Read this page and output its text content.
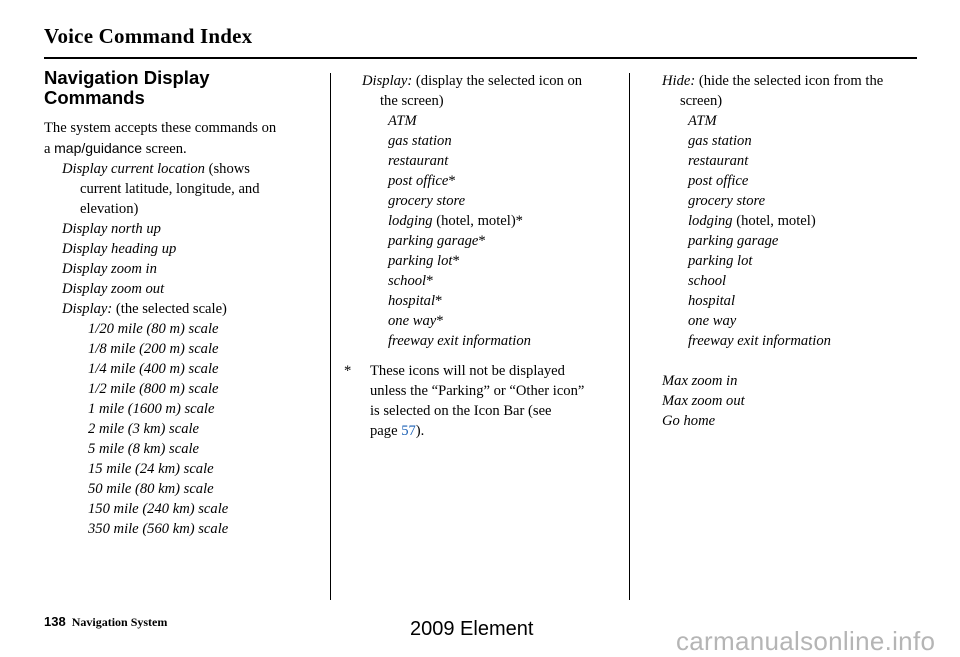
Voice Command Index
Navigation Display
Commands
The system accepts these commands on
a map/guidance screen.
Display current location (shows
current latitude, longitude, and
elevation)
Display north up
Display heading up
Display zoom in
Display zoom out
Display: (the selected scale)
1/20 mile (80 m) scale
1/8 mile (200 m) scale
1/4 mile (400 m) scale
1/2 mile (800 m) scale
1 mile (1600 m) scale
2 mile (3 km) scale
5 mile (8 km) scale
15 mile (24 km) scale
50 mile (80 km) scale
150 mile (240 km) scale
350 mile (560 km) scale
Display: (display the selected icon on
the screen)
ATM
gas station
restaurant
post office*
grocery store
lodging (hotel, motel)*
parking garage*
parking lot*
school*
hospital*
one way*
freeway exit information
* These icons will not be displayed
unless the “Parking” or “Other icon”
is selected on the Icon Bar (see
page 57).
Hide: (hide the selected icon from the
screen)
ATM
gas station
restaurant
post office
grocery store
lodging (hotel, motel)
parking garage
parking lot
school
hospital
one way
freeway exit information
Max zoom in
Max zoom out
Go home
138 Navigation System	2009 Element	carmanualsonline.info
